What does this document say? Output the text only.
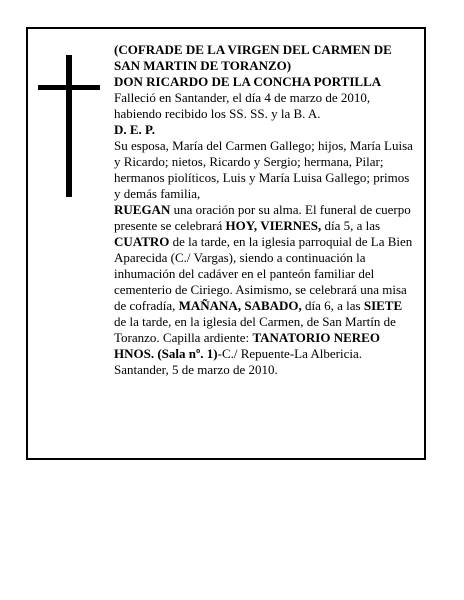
(COFRADE DE LA VIRGEN DEL CARMEN DE SAN MARTIN DE TORANZO)

DON RICARDO DE LA CONCHA PORTILLA

Falleció en Santander, el día 4 de marzo de 2010, habiendo recibido los SS. SS. y la B. A.

D. E. P.

Su esposa, María del Carmen Gallego; hijos, María Luisa y Ricardo; nietos, Ricardo y Sergio; hermana, Pilar; hermanos piolíticos, Luis y María Luisa Gallego; primos y demás familia,

RUEGAN una oración por su alma. El funeral de cuerpo presente se celebrará HOY, VIERNES, día 5, a las CUATRO de la tarde, en la iglesia parroquial de La Bien Aparecida (C./ Vargas), siendo a continuación la inhumación del cadáver en el panteón familiar del cementerio de Ciriego. Asimismo, se celebrará una misa de cofradía, MAÑANA, SABADO, día 6, a las SIETE de la tarde, en la iglesia del Carmen, de San Martín de Toranzo. Capilla ardiente: TANATORIO NEREO HNOS. (Sala nº. 1)-C./ Repuente-La Albericia.

Santander, 5 de marzo de 2010.
